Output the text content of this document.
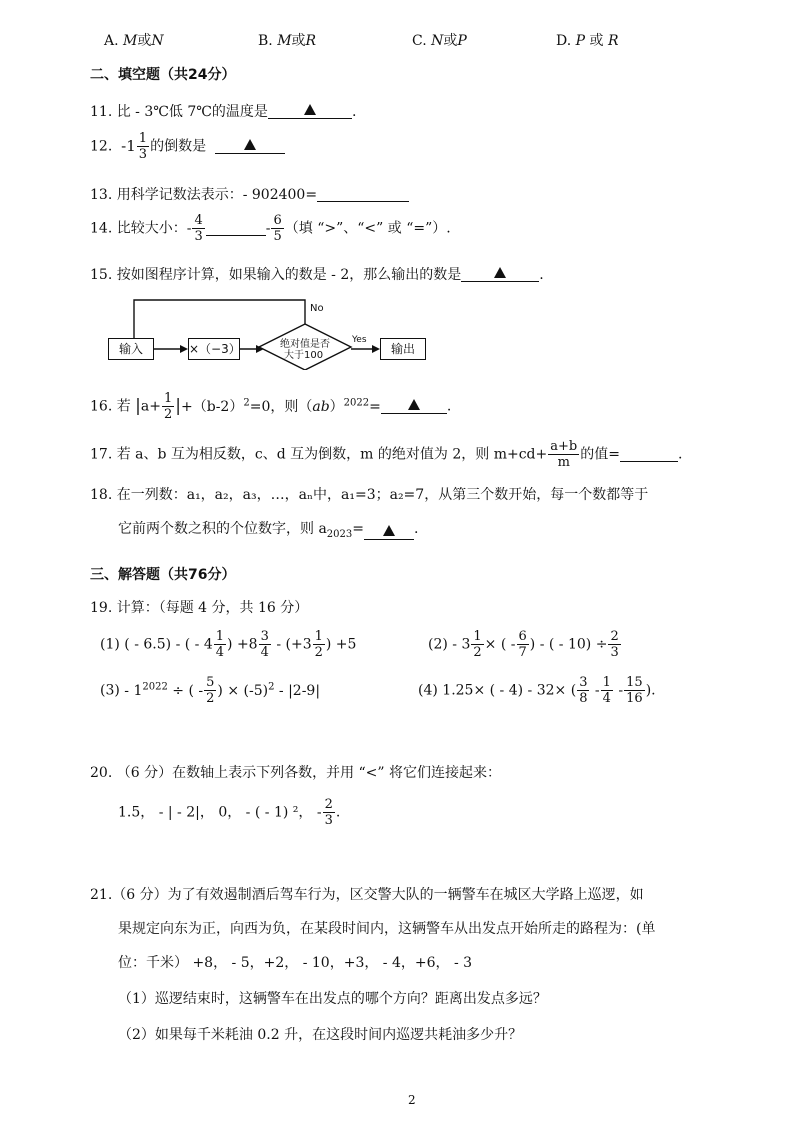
A. M或N	B. M或R	C. N或P	D. P 或 R
二、填空题（共24分）
11. 比 - 3℃低 7℃的温度是	.
12. $-1 \frac{1}{3}$ 的倒数是
13. 用科学记数法表示：- 902400=
14. 比较大小：- $\frac{4}{3}$	- $\frac{6}{5}$ （填 “>”、“<” 或 “=”）.
15. 按如图程序计算，如果输入的数是 - 2，那么输出的数是	.
输入	×（−3）	绝对值是否
大于100
No
Yes
输出
16. 若 $|a+ \frac{1}{2} |+(b-2)^2=0$，则（ab）$^{2022}$=	.
17. 若 a、b 互为相反数，c、d 互为倒数，m 的绝对值为 2，则 $m+cd+ \frac{a+b}{m}$ 的值=	.
18. 在一列数：a₁，a₂，a₃，…，aₙ中，a₁=3；a₂=7，从第三个数开始，每一个数都等于
它前两个数之积的个位数字，则 $a_{2023}=$	.
三、解答题（共76分）
19. 计算：（每题 4 分，共 16 分）
(1) ( - 6.5) - ( - $4 \frac{1}{4}$ ) $+8 \frac{3}{4} - (+3 \frac{1}{2}$ ) +5	$(2) - 3 \frac{1}{2}$ × ( - $\frac{6}{7}$ ) - ( - $10) \div \frac{2}{3}$
$(3) - 1^{2022}$ ÷ ( - $\frac{5}{2}$ ) × $(-5)^2 - |2-9|$	(4) 1.25× ( - 4) - 32× ( $\frac{3}{8} - \frac{1}{4} - \frac{15}{16}$ ).
20. （6 分）在数轴上表示下列各数，并用 “<” 将它们连接起来：
1.5， - | - 2|， 0， - ( - 1) ²， - $\frac{2}{3}$ .
21.（6 分）为了有效遏制酒后驾车行为，区交警大队的一辆警车在城区大学路上巡逻，如
果规定向东为正，向西为负，在某段时间内，这辆警车从出发点开始所走的路程为：(单
位：千米） +8， - 5，+2， - 10，+3， - 4，+6， - 3
（1）巡逻结束时，这辆警车在出发点的哪个方向？距离出发点多远？
（2）如果每千米耗油 0.2 升，在这段时间内巡逻共耗油多少升？
2
